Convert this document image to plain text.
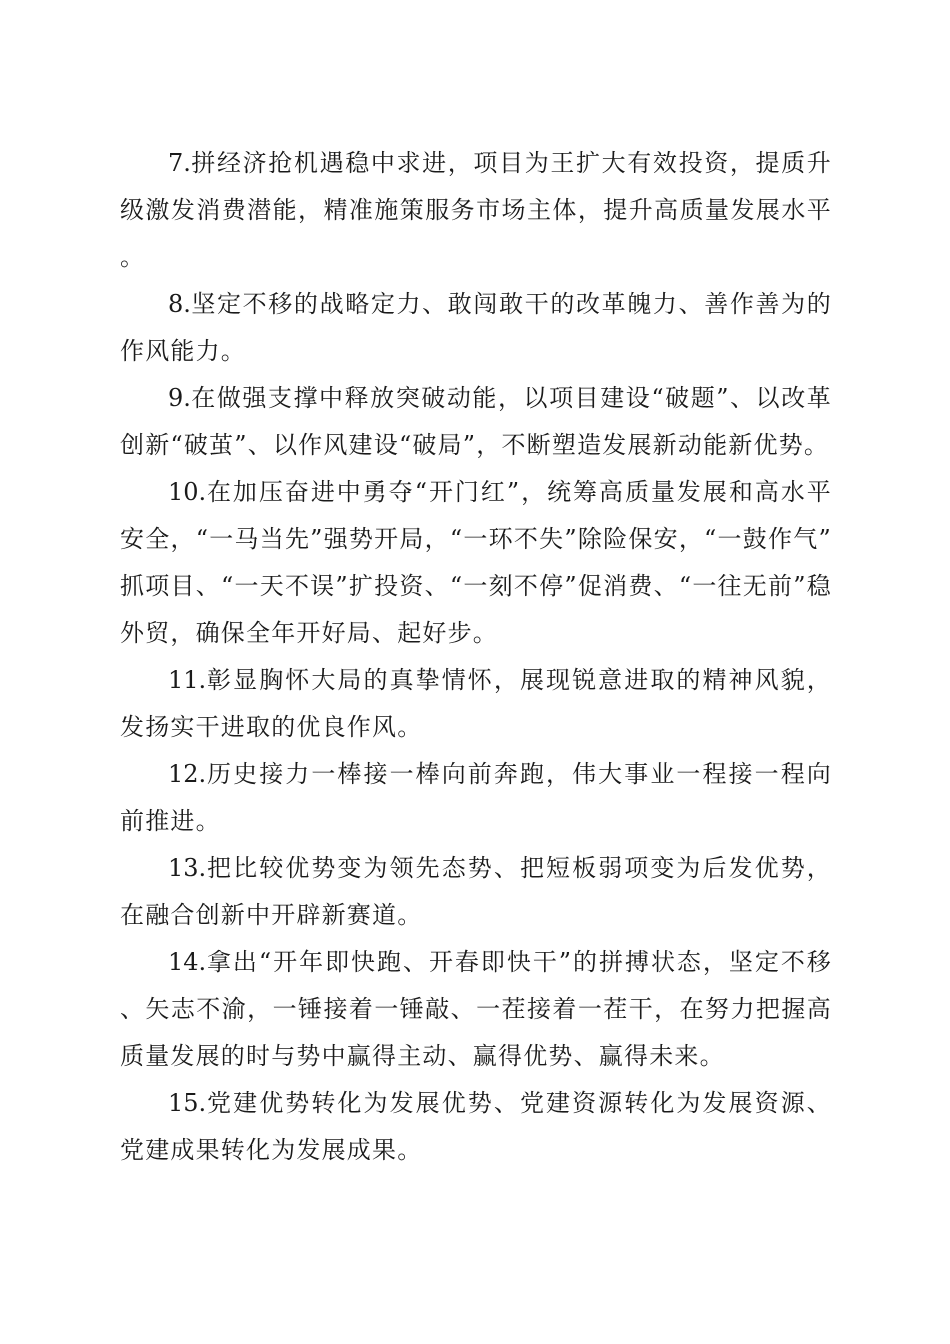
7.拼经济抢机遇稳中求进，项目为王扩大有效投资，提质升级激发消费潜能，精准施策服务市场主体，提升高质量发展水平。

8.坚定不移的战略定力、敢闯敢干的改革魄力、善作善为的作风能力。

9.在做强支撑中释放突破动能，以项目建设“破题”、以改革创新“破茧”、以作风建设“破局”，不断塑造发展新动能新优势。

10.在加压奋进中勇夺“开门红”，统筹高质量发展和高水平安全，“一马当先”强势开局，“一环不失”除险保安，“一鼓作气”抓项目、“一天不误”扩投资、“一刻不停”促消费、“一往无前”稳外贸，确保全年开好局、起好步。

11.彰显胸怀大局的真挚情怀，展现锐意进取的精神风貌，发扬实干进取的优良作风。

12.历史接力一棒接一棒向前奔跑，伟大事业一程接一程向前推进。

13.把比较优势变为领先态势、把短板弱项变为后发优势，在融合创新中开辟新赛道。

14.拿出“开年即快跑、开春即快干”的拼搏状态，坚定不移、矢志不渝，一锤接着一锤敲、一茬接着一茬干，在努力把握高质量发展的时与势中赢得主动、赢得优势、赢得未来。

15.党建优势转化为发展优势、党建资源转化为发展资源、党建成果转化为发展成果。
